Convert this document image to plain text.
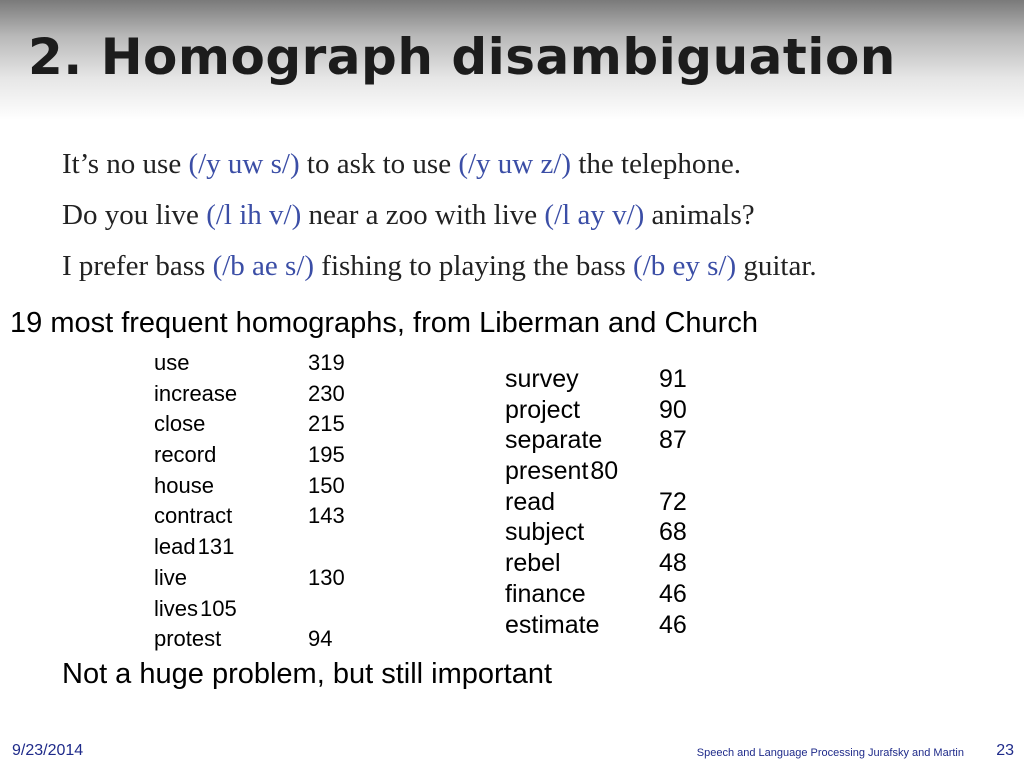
2. Homograph disambiguation
It’s no use (/y uw s/) to ask to use (/y uw z/) the telephone.
Do you live (/l ih v/) near a zoo with live (/l ay v/) animals?
I prefer bass (/b ae s/) fishing to playing the bass (/b ey s/) guitar.
19 most frequent homographs, from Liberman and Church
use	319
increase	230
close	215
record	195
house	150
contract	143
lead 131
live	130
lives 105
protest	94
survey	91
project	90
separate	87
present 80
read	72
subject	68
rebel	48
finance	46
estimate	46
Not a huge problem, but still important
9/23/2014	Speech and Language Processing Jurafsky and Martin 23
